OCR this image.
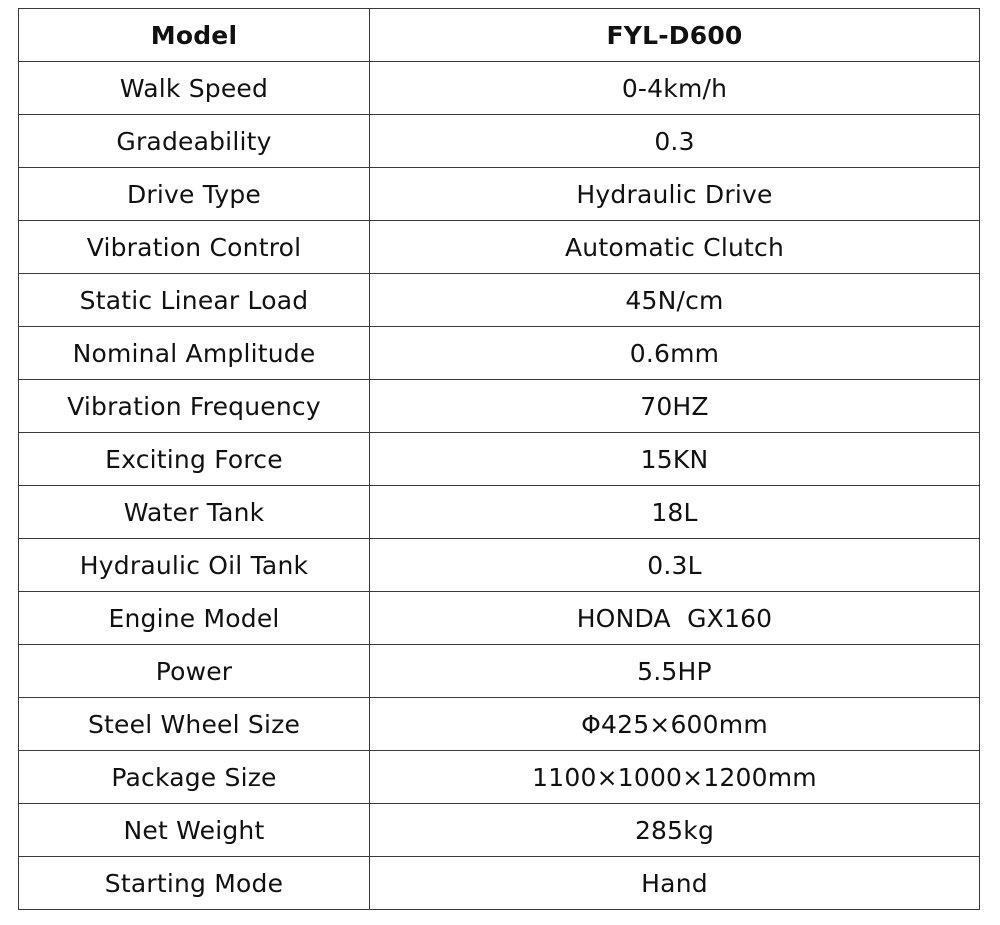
Model	FYL-D600
Walk Speed	0-4km/h
Gradeability	0.3
Drive Type	Hydraulic Drive
Vibration Control	Automatic Clutch
Static Linear Load	45N/cm
Nominal Amplitude	0.6mm
Vibration Frequency	70HZ
Exciting Force	15KN
Water Tank	18L
Hydraulic Oil Tank	0.3L
Engine Model	HONDA  GX160
Power	5.5HP
Steel Wheel Size	Φ425×600mm
Package Size	1100×1000×1200mm
Net Weight	285kg
Starting Mode	Hand
